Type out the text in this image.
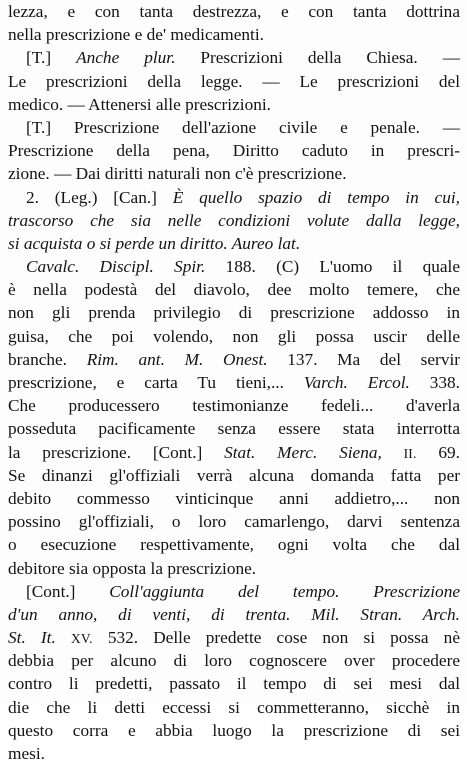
lezza, e con tanta destrezza, e con tanta dottrina
nella prescrizione e de' medicamenti.
[T.] Anche plur. Prescrizioni della Chiesa. —
Le prescrizioni della legge. — Le prescrizioni del
medico. — Attenersi alle prescrizioni.
[T.] Prescrizione dell'azione civile e penale. —
Prescrizione della pena, Diritto caduto in prescri-
zione. — Dai diritti naturali non c'è prescrizione.
2. (Leg.) [Can.] È quello spazio di tempo in cui,
trascorso che sia nelle condizioni volute dalla legge,
si acquista o si perde un diritto. Aureo lat.
Cavalc. Discipl. Spir. 188. (C) L'uomo il quale
è nella podestà del diavolo, dee molto temere, che
non gli prenda privilegio di prescrizione addosso in
guisa, che poi volendo, non gli possa uscir delle
branche. Rim. ant. M. Onest. 137. Ma del servir
prescrizione, e carta Tu tieni,... Varch. Ercol. 338.
Che producessero testimonianze fedeli... d'averla
posseduta pacificamente senza essere stata interrotta
la prescrizione. [Cont.] Stat. Merc. Siena, II. 69.
Se dinanzi gl'offiziali verrà alcuna domanda fatta per
debito commesso vinticinque anni addietro,... non
possino gl'offiziali, o loro camarlengo, darvi sentenza
o esecuzione respettivamente, ogni volta che dal
debitore sia opposta la prescrizione.
[Cont.] Coll'aggiunta del tempo. Prescrizione
d'un anno, di venti, di trenta. Mil. Stran. Arch.
St. It. XV. 532. Delle predette cose non si possa nè
debbia per alcuno di loro cognoscere over procedere
contro li predetti, passato il tempo di sei mesi dal
die che li detti eccessi si commetteranno, sicchè in
questo corra e abbia luogo la prescrizione di sei
mesi.
